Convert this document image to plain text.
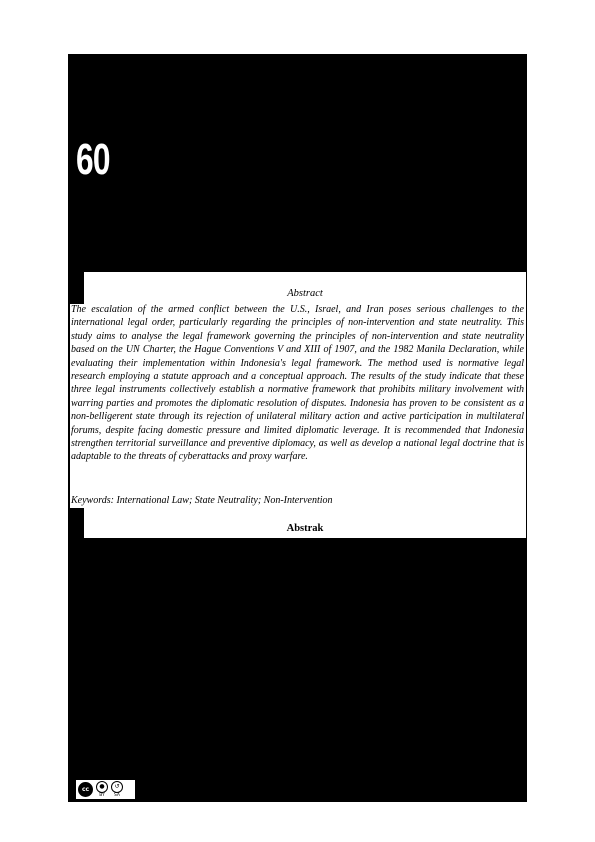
60
Abstract
The escalation of the armed conflict between the U.S., Israel, and Iran poses serious challenges to the international legal order, particularly regarding the principles of non-intervention and state neutrality. This study aims to analyse the legal framework governing the principles of non-intervention and state neutrality based on the UN Charter, the Hague Conventions V and XIII of 1907, and the 1982 Manila Declaration, while evaluating their implementation within Indonesia's legal framework. The method used is normative legal research employing a statute approach and a conceptual approach. The results of the study indicate that these three legal instruments collectively establish a normative framework that prohibits military involvement with warring parties and promotes the diplomatic resolution of disputes. Indonesia has proven to be consistent as a non-belligerent state through its rejection of unilateral military action and active participation in multilateral forums, despite facing domestic pressure and limited diplomatic leverage. It is recommended that Indonesia strengthen territorial surveillance and preventive diplomacy, as well as develop a national legal doctrine that is adaptable to the threats of cyberattacks and proxy warfare.
Keywords: International Law; State Neutrality; Non-Intervention
Abstrak
cc	●
BY
↺
SA
